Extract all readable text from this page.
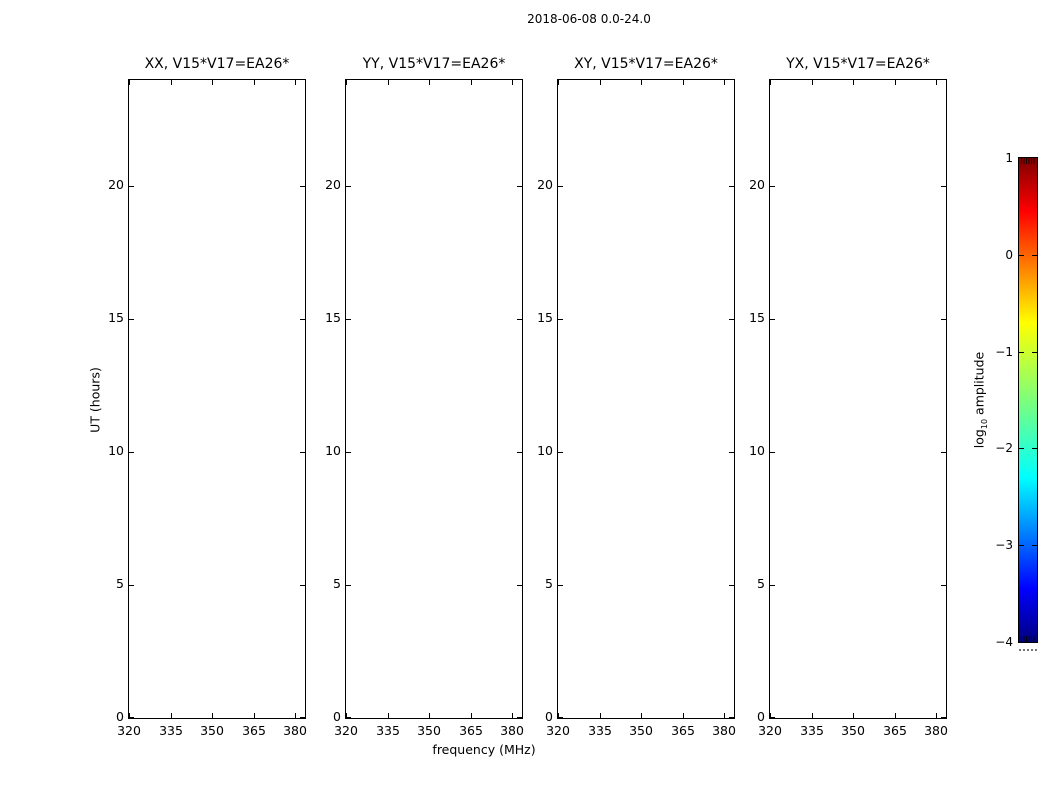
2018-06-08 0.0-24.0
UT (hours)
frequency (MHz)
XX, V15*V17=EA26*
320	335	350	365	380
0
5
10
15
20
YY, V15*V17=EA26*
320	335	350	365	380
0
5
10
15
20
XY, V15*V17=EA26*
320	335	350	365	380
0
5
10
15
20
YX, V15*V17=EA26*
320	335	350	365	380
0
5
10
15
20
$\log_{10}$ amplitude
1
0
−1
−2
−3
−4
